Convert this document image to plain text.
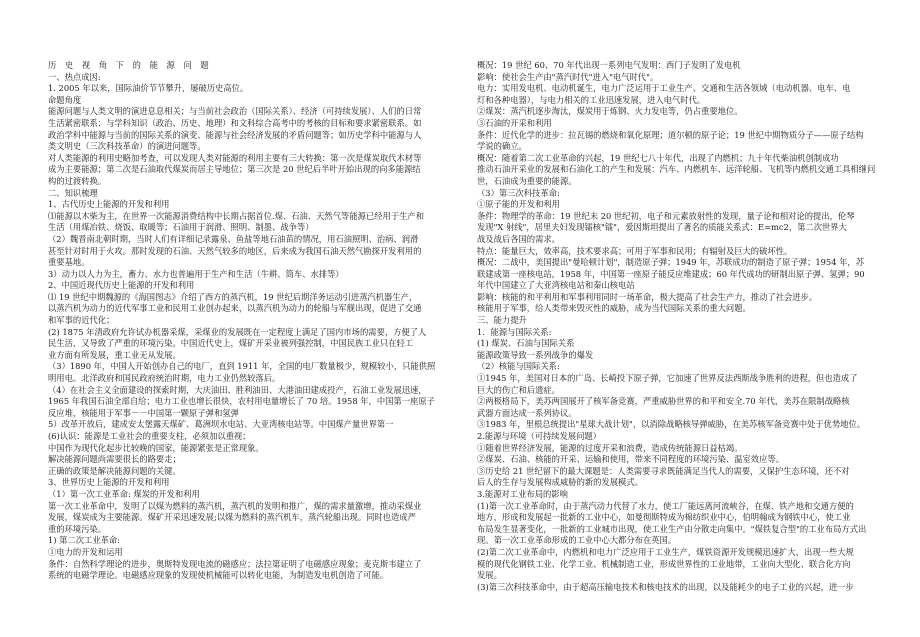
历 史 视 角 下 的 能 源 问 题

一、热点成因:

1. 2005 年以来，国际油价节节攀升，屡破历史高位。

命题角度

能源问题与人类文明的演进息息相关；与当前社会政治（国际关系）、经济（可持续发展）、人们的日常

生活紧密联系；与学科知识（政治、历史、地理）和文科综合高考中的考核的目标和要求紧密联系。如

政治学科中能源与当前的国际关系的演变、能源与社会经济发展的矛盾问题等；如历史学科中能源与人

类文明史（三次科技革命）的演进问题等。

对人类能源的利用史略加考查，可以发现人类对能源的利用主要有三大转换：第一次是煤炭取代木材等

成为主要能源；第二次是石油取代煤炭而居主导地位；第三次是 20 世纪后半叶开始出现的向多能源结

构的过渡转换。

二、知识梳理

1、古代历史上能源的开发和利用

⑴能源以木柴为主，在世界一次能源消费结构中长期占据首位.煤、石油、天然气等能源已经用于生产和

生活（用煤冶铁、烧饭、取暖等；石油用于润滑、照明、制墨、战争等）

（2）魏晋南北朝时期，当时人们有详细记录露泉、鱼盐等地石油苗的情况，用石油照明、治病、润滑

甚至针对时用于火攻。那时发现的石油、天然气较多的地区，后来成为我国石油天然气勘探开发利用的

重要基地。

3）动力以人力为主，畜力、水力也普遍用于生产和生活（牛耕、筒车、水排等）

2、中国近现代历史上能源的开发和利用

⑴ 19 世纪中期魏源的《海国图志》介绍了西方的蒸汽机，19 世纪后期洋务运动引进蒸汽机器生产，

以蒸汽机为动力的近代军事工业和民用工业创办起来，以蒸汽机为动力的轮船与军舰出现，促进了交通

和军事的近代化；

(2) 1875 年清政府允许试办机器采煤，采煤业的发展既在一定程度上满足了国内市场的需要，方便了人

民生活，又导致了严重的环境污染。中国近代史上，煤矿开采业被列强控制，中国民族工业只在轻工

业方面有所发展，重工业无从发展。

（3）1890 年，中国人开始创办自己的电厂，直到 1911 年，全国的电厂数量极少，规模较小，只能供照

明用电。北洋政府和国民政府统治时期，电力工业仍然较落后。

（4）在社会主义全面建设的探索时期，大庆油田、胜利油田、大港油田建成投产，石油工业发展迅速，

1965 年我国石油全部自给；电力工业也增长很快，农村用电量增长了 70 培。1958 年，中国第一座原子

反应堆，核能用于军事－－中国第一颗原子弹和氢弹

5）改革开放后，建成安太堡露天煤矿、葛洲坝水电站、大亚湾核电站等。中国煤产量世界第一

(6)认识：能源是工业社会的重要支柱，必须加以重视；

中国作为现代化起步比较晚的国家，能源紧张是正常现象。

解决能源问题尚需要很长的路要走；

正确的政策是解决能源问题的关键。

3、世界历史上能源的开发和利用

（1）第一次工业革命: 煤炭的开发和利用

第一次工业革命中，发明了以煤为燃料的蒸汽机，蒸汽机的发明和推广，煤的需求量激增，推动采煤业

发展，煤炭成为主要能源。煤矿开采迅速发展;以煤为燃料的蒸汽机车，蒸汽轮船出现。同时也造成严

重的环境污染。

1) 第二次工业革命:

①电力的开发和运用

条件：自然科学理论的进步，奥斯特发现电流的磁感应；法拉第证明了电磁感应现象；麦克斯韦建立了

系统的电磁学理论。电磁感应现象的发现使机械能可以转化电能，为制造发电机创造了可能。

概况：19 世纪 60、70 年代出现一系列电气发明：西门子发明了发电机

影响：使社会生产由"蒸汽时代"进入"电气时代"。

电力：实用发电机、电动机诞生，电力广泛运用于工业生产、交通和生活各领域（电动机器、电车、电

灯和各种电器），与电力相关的工业迅速发展，进入电气时代。

②煤炭：蒸汽机逐步淘汰，煤炭用于炼钢、火力发电等，仍占重要地位。

③石油的开采和利用

条件：近代化学的进步：拉瓦锡的燃烧和氧化原理；道尔顿的原子论；19 世纪中期物质分子——原子结构

学说的确立。

概况：随着第二次工业革命的兴起，19 世纪七八十年代，出现了内燃机；九十年代柴油机创制成功

推动石油开采业的发展和石油化工的产生和发展：汽车、内燃机车、远洋轮船、飞机等内燃机交通工具相继问

世，石油成为重要的能源。

（3）第三次科技革命:

①原子能的开发和利用

条件：物理学的革命：19 世纪末 20 世纪初，电子和元素放射性的发现，量子论和相对论的提出，伦琴

发现"X 射线"，居里夫妇发现镭核"镭"，爱因斯坦提出了著名的质能关系式：E=mc2，第二次世界大

战及战后各国的需求。

特点：能量巨大，效率高，技术要求高；可用于军事和民用；有辐射及巨大的破坏性。

概况：二战中，美国提出"曼哈顿计划"，制造原子弹；1949 年，苏联成功的制造了原子弹；1954 年，苏

联建成第一座核电站，1958 年，中国第一座原子能反应堆建成；60 年代成功的研制出原子弹、氢弹；90

年代中国建立了大亚湾核电站和秦山核电站

影响：核能的和平利用和军事利用同时一场革命，极大提高了社会生产力，推动了社会进步。

核能用于军事，给人类带来毁灭性的威胁，成为当代国际关系的重大问题。

三、能力提升

1．能源与国际关系:

(1) 煤炭、石油与国际关系

能源政策导致一系列战争的爆发

（2）核能与国际关系:

①1945 年，美国对日本的广岛、长崎投下原子弹，它加速了世界反法西斯战争胜利的进程，但也造成了

巨大的伤亡和后遗症。

②两极格局下，美苏两国展开了核军备竞赛，严重威胁世界的和平和安全.70 年代，美苏在限制战略核

武器方面达成一系列协议。

③1983 年，里根总统提出"星球大战计划"，以消除战略核导弹威胁，在美苏核军备竞赛中处于优势地位。

2.能源与环境（可持续发展问题）

①随着世界经济发展，能源的过度开采和浪费，造成传统能源日益枯竭。

②煤炭、石油、核能的开采、运输和使用，带来不同程度的环境污染、温室效应等。

③历史给 21 世纪留下的最大课题是：人类需要寻求既能满足当代人的需要，又保护生态环境，还不对

后人的生存与发展构成威胁的新的发展模式。

3.能源对工业布局的影响

(1)第一次工业革命时，由于蒸汽动力代替了水力，使工厂能远离河流峡谷，在煤、铁产地和交通方便的

地方，形成和发展起一批新的工业中心，如曼彻斯特成为棉纺织业中心，伯明翰成为钢铁中心，使工业

布局发生显著变化，一批新的工业城市出现，使工业生产由分散走向集中。"煤铁复合型"的工业布局方式出

现。第一次工业革命形成的工业中心大都分布在英国。

(2)第二次工业革命中，内燃机和电力广泛应用于工业生产，煤铁资源开发规模迅速扩大，出现一些大规

模的现代化钢铁工业、化学工业、机械制造工业，形成世界性的工业地带，工业向大型化、联合化方向

发展。

(3)第三次科技革命中，由于超高压输电技术和核电技术的出现，以及能耗少的电子工业的兴起，进一步
